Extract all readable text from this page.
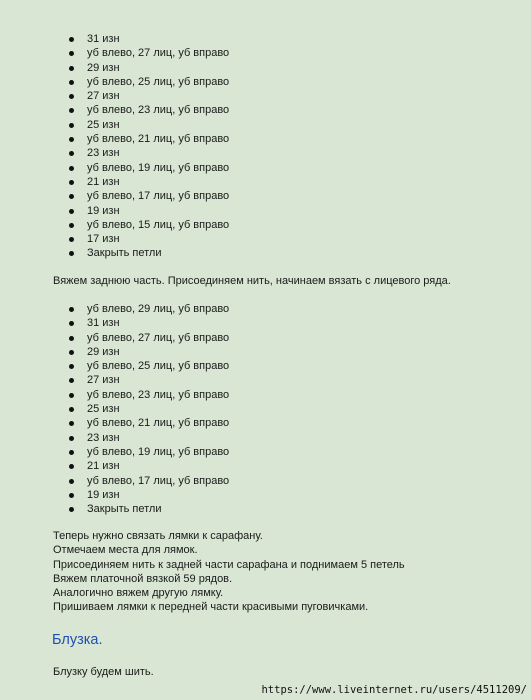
31 изн
уб влево, 27 лиц, уб вправо
29 изн
уб влево, 25 лиц, уб вправо
27 изн
уб влево, 23 лиц, уб вправо
25 изн
уб влево, 21 лиц, уб вправо
23 изн
уб влево, 19 лиц, уб вправо
21 изн
уб влево, 17 лиц, уб вправо
19 изн
уб влево, 15 лиц, уб вправо
17 изн
Закрыть петли

Вяжем заднюю часть. Присоединяем нить, начинаем вязать с лицевого ряда.

уб влево, 29 лиц, уб вправо
31 изн
уб влево, 27 лиц, уб вправо
29 изн
уб влево, 25 лиц, уб вправо
27 изн
уб влево, 23 лиц, уб вправо
25 изн
уб влево, 21 лиц, уб вправо
23 изн
уб влево, 19 лиц, уб вправо
21 изн
уб влево, 17 лиц, уб вправо
19 изн
Закрыть петли
Теперь нужно связать лямки к сарафану.
Отмечаем места для лямок.
Присоединяем нить к задней части сарафана и поднимаем 5 петель
Вяжем платочной вязкой 59 рядов.
Аналогично вяжем другую лямку.
Пришиваем лямки к передней части красивыми пуговичками.
Блузка.

Блузку будем шить.

https://www.liveinternet.ru/users/4511209/
